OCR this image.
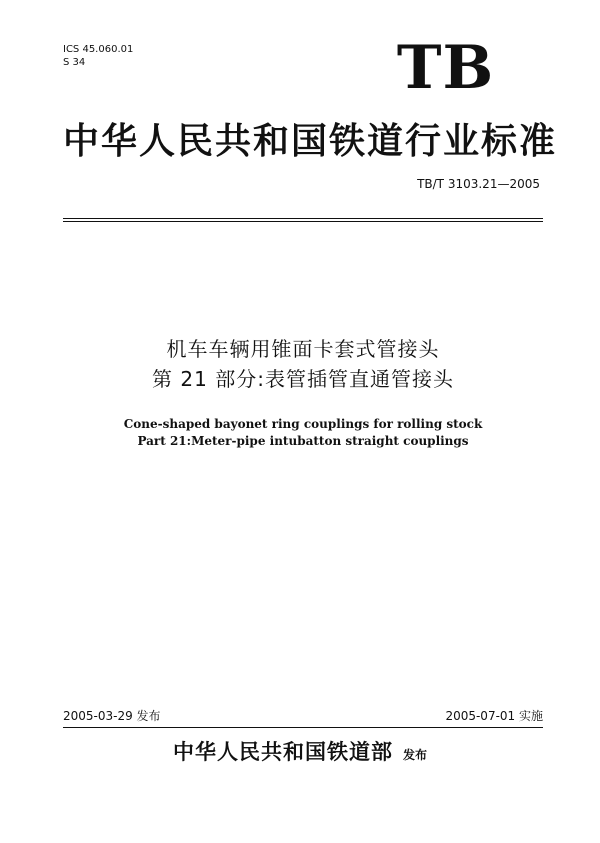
ICS 45.060.01
S 34	TB
中华人民共和国铁道行业标准
TB/T 3103.21—2005
机车车辆用锥面卡套式管接头
第 21 部分:表管插管直通管接头
Cone-shaped bayonet ring couplings for rolling stock
Part 21:Meter-pipe intubatton straight couplings
2005-03-29 发布	2005-07-01 实施
中华人民共和国铁道部 发布
